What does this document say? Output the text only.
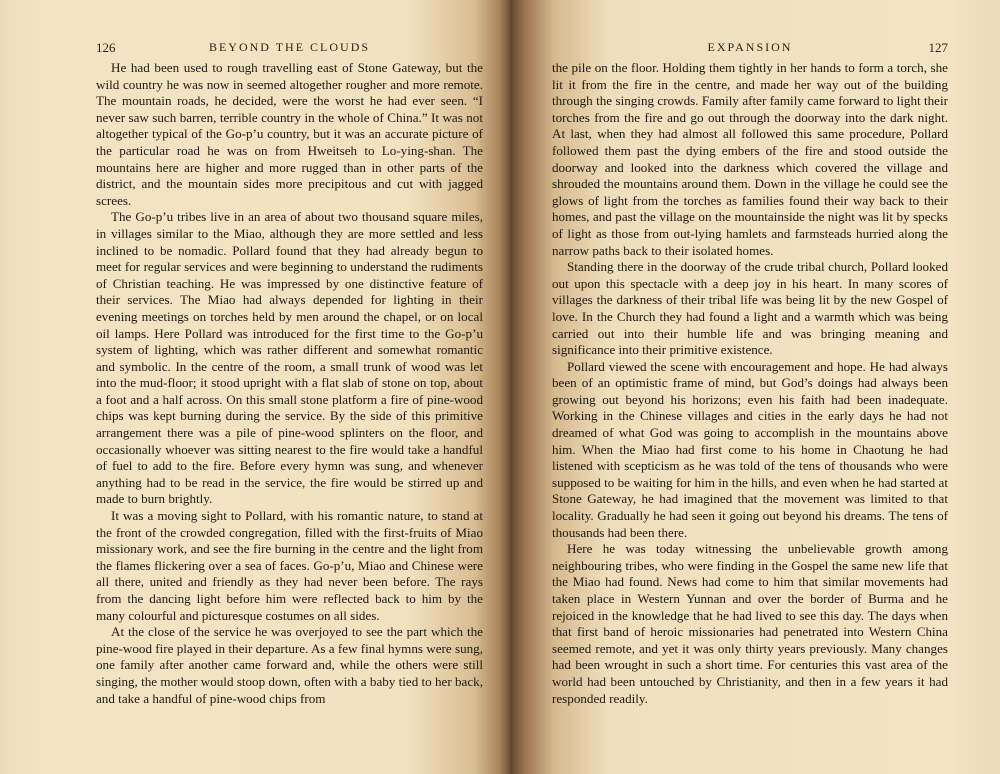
126	BEYOND THE CLOUDS

He had been used to rough travelling east of Stone Gateway, but the wild country he was now in seemed altogether rougher and more remote. The mountain roads, he decided, were the worst he had ever seen. “I never saw such barren, terrible country in the whole of China.” It was not altogether typical of the Go-p’u country, but it was an accurate picture of the particular road he was on from Hweitseh to Lo-ying-shan. The mountains here are higher and more rugged than in other parts of the district, and the mountain sides more precipitous and cut with jagged screes.

The Go-p’u tribes live in an area of about two thousand square miles, in villages similar to the Miao, although they are more settled and less inclined to be nomadic. Pollard found that they had already begun to meet for regular services and were beginning to understand the rudiments of Christian teaching. He was impressed by one distinctive feature of their services. The Miao had always depended for lighting in their evening meetings on torches held by men around the chapel, or on local oil lamps. Here Pollard was introduced for the first time to the Go-p’u system of lighting, which was rather different and somewhat romantic and symbolic. In the centre of the room, a small trunk of wood was let into the mud-floor; it stood upright with a flat slab of stone on top, about a foot and a half across. On this small stone platform a fire of pine-wood chips was kept burning during the service. By the side of this primitive arrangement there was a pile of pine-wood splinters on the floor, and occasionally whoever was sitting nearest to the fire would take a handful of fuel to add to the fire. Before every hymn was sung, and whenever anything had to be read in the service, the fire would be stirred up and made to burn brightly.

It was a moving sight to Pollard, with his romantic nature, to stand at the front of the crowded congregation, filled with the first-fruits of Miao missionary work, and see the fire burning in the centre and the light from the flames flickering over a sea of faces. Go-p’u, Miao and Chinese were all there, united and friendly as they had never been before. The rays from the dancing light before him were reflected back to him by the many colourful and picturesque costumes on all sides.

At the close of the service he was overjoyed to see the part which the pine-wood fire played in their departure. As a few final hymns were sung, one family after another came forward and, while the others were still singing, the mother would stoop down, often with a baby tied to her back, and take a handful of pine-wood chips from

EXPANSION	127

the pile on the floor. Holding them tightly in her hands to form a torch, she lit it from the fire in the centre, and made her way out of the building through the singing crowds. Family after family came forward to light their torches from the fire and go out through the doorway into the dark night. At last, when they had almost all followed this same procedure, Pollard followed them past the dying embers of the fire and stood outside the doorway and looked into the darkness which covered the village and shrouded the mountains around them. Down in the village he could see the glows of light from the torches as families found their way back to their homes, and past the village on the mountainside the night was lit by specks of light as those from out-lying hamlets and farmsteads hurried along the narrow paths back to their isolated homes.

Standing there in the doorway of the crude tribal church, Pollard looked out upon this spectacle with a deep joy in his heart. In many scores of villages the darkness of their tribal life was being lit by the new Gospel of love. In the Church they had found a light and a warmth which was being carried out into their humble life and was bringing meaning and significance into their primitive existence.

Pollard viewed the scene with encouragement and hope. He had always been of an optimistic frame of mind, but God’s doings had always been growing out beyond his horizons; even his faith had been inadequate. Working in the Chinese villages and cities in the early days he had not dreamed of what God was going to accomplish in the mountains above him. When the Miao had first come to his home in Chaotung he had listened with scepticism as he was told of the tens of thousands who were supposed to be waiting for him in the hills, and even when he had started at Stone Gateway, he had imagined that the movement was limited to that locality. Gradually he had seen it going out beyond his dreams. The tens of thousands had been there.

Here he was today witnessing the unbelievable growth among neighbouring tribes, who were finding in the Gospel the same new life that the Miao had found. News had come to him that similar movements had taken place in Western Yunnan and over the border of Burma and he rejoiced in the knowledge that he had lived to see this day. The days when that first band of heroic missionaries had penetrated into Western China seemed remote, and yet it was only thirty years previously. Many changes had been wrought in such a short time. For centuries this vast area of the world had been untouched by Christianity, and then in a few years it had responded readily.
